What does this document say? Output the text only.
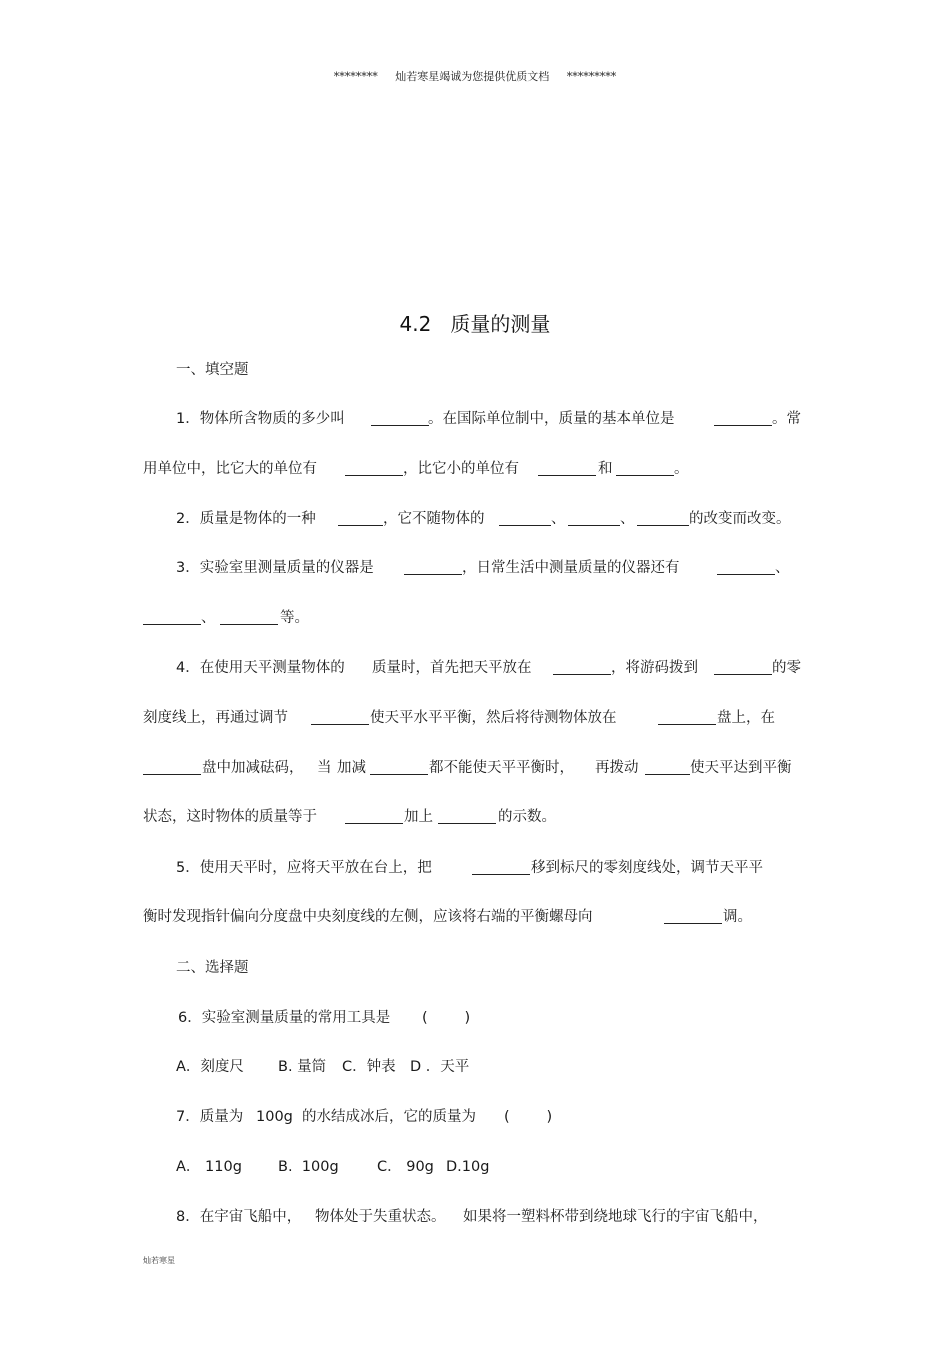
********     灿若寒星竭诚为您提供优质文档     *********
4.2   质量的测量

一、填空题

1．物体所含物质的多少叫

	。在国际单位制中，质量的基本单位是

	。常

用单位中，比它大的单位有

	，比它小的单位有

	和

	。

2．质量是物体的一种

	，它不随物体的

	、

	、

	的改变而改变。

3．实验室里测量质量的仪器是

	，日常生活中测量质量的仪器还有

	、

、

	等。

4．在使用天平测量物体的

质量时，首先把天平放在

	，将游码拨到

	的零

刻度线上，再通过调节

	使天平水平平衡，然后将待测物体放在

	盘上，在

盘中加减砝码，

当

加减

	都不能使天平平衡时，

再拨动

	使天平达到平衡

状态，这时物体的质量等于

	加上

	的示数。

5．使用天平时，应将天平放在台上，把

	移到标尺的零刻度线处，调节天平平

衡时发现指针偏向分度盘中央刻度线的左侧，应该将右端的平衡螺母向

	调。

二、选择题

6．实验室测量质量的常用工具是

(        )

A．刻度尺

B. 量筒

C．钟表

D ．天平

7．质量为

100g

的水结成冰后，它的质量为

(        )

A． 110g

B.  100g

	C． 90g

D.10g

8．在宇宙飞船中，

物体处于失重状态。

如果将一塑料杯带到绕地球飞行的宇宙飞船中，

灿若寒星
